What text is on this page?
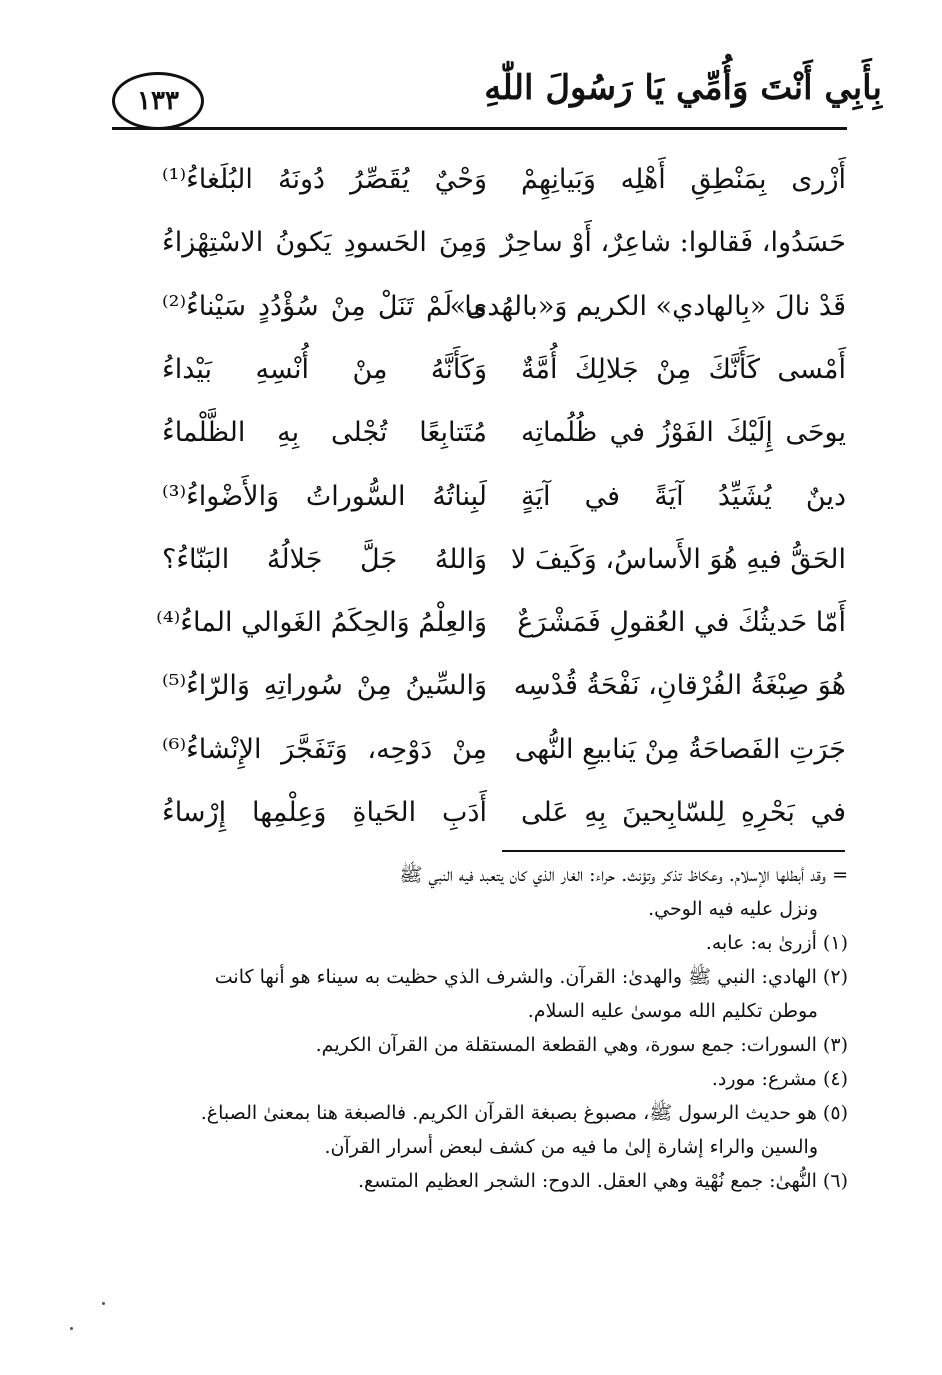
بِأَبِي أَنْتَ وَأُمِّي يَا رَسُولَ اللّٰهِ
١٣٣
أَزْرى بِمَنْطِقِ أَهْلِه وَبَيانِهِمْ
وَحْيٌ يُقَصِّرُ دُونَهُ البُلَغاءُ⁽¹⁾
حَسَدُوا، فَقالوا: شاعِرٌ، أَوْ ساحِرٌ
وَمِنَ الحَسودِ يَكونُ الاسْتِهْزاءُ
قَدْ نالَ «بِالهادي» الكريم وَ«بالهُدى»
ما لَمْ تَنَلْ مِنْ سُؤْدُدٍ سَيْناءُ⁽²⁾
أَمْسى كَأَنَّكَ مِنْ جَلالِكَ أُمَّةٌ
وَكَأَنَّهُ مِنْ أُنْسِهِ بَيْداءُ
يوحَى إِلَيْكَ الفَوْزُ في ظُلُماتِه
مُتَتابِعًا تُجْلى بِهِ الظَّلْماءُ
دينٌ يُشَيِّدُ آيَةً في آيَةٍ
لَبِناتُهُ السُّوراتُ وَالأَضْواءُ⁽³⁾
الحَقُّ فيهِ هُوَ الأَساسُ، وَكَيفَ لا
وَاللهُ جَلَّ جَلالُهُ البَنّاءُ؟
أَمّا حَديثُكَ في العُقولِ فَمَشْرَعٌ
وَالعِلْمُ وَالحِكَمُ الغَوالي الماءُ⁽⁴⁾
هُوَ صِبْغَةُ الفُرْقانِ، نَفْحَةُ قُدْسِه
وَالسِّينُ مِنْ سُوراتِهِ وَالرّاءُ⁽⁵⁾
جَرَتِ الفَصاحَةُ مِنْ يَنابيعِ النُّهى
مِنْ دَوْحِه، وَتَفَجَّرَ الإِنْشاءُ⁽⁶⁾
في بَحْرِهِ لِلسّابِحينَ بِهِ عَلى
أَدَبِ الحَياةِ وَعِلْمِها إِرْساءُ
= وقد أبطلها الإسلام. وعكاظ تذكر وتؤنث. حراء: الغار الذي كان يتعبد فيه النبي ﷺ
ونزل عليه فيه الوحي.
(١) أزرىٰ به: عابه.
(٢) الهادي: النبي ﷺ والهدىٰ: القرآن. والشرف الذي حظيت به سيناء هو أنها كانت
موطن تكليم الله موسىٰ عليه السلام.
(٣) السورات: جمع سورة، وهي القطعة المستقلة من القرآن الكريم.
(٤) مشرع: مورد.
(٥) هو حديث الرسول ﷺ، مصبوغ بصبغة القرآن الكريم. فالصبغة هنا بمعنىٰ الصباغ.
والسين والراء إشارة إلىٰ ما فيه من كشف لبعض أسرار القرآن.
(٦) النُّهىٰ: جمع نُهْية وهي العقل. الدوح: الشجر العظيم المتسع.
